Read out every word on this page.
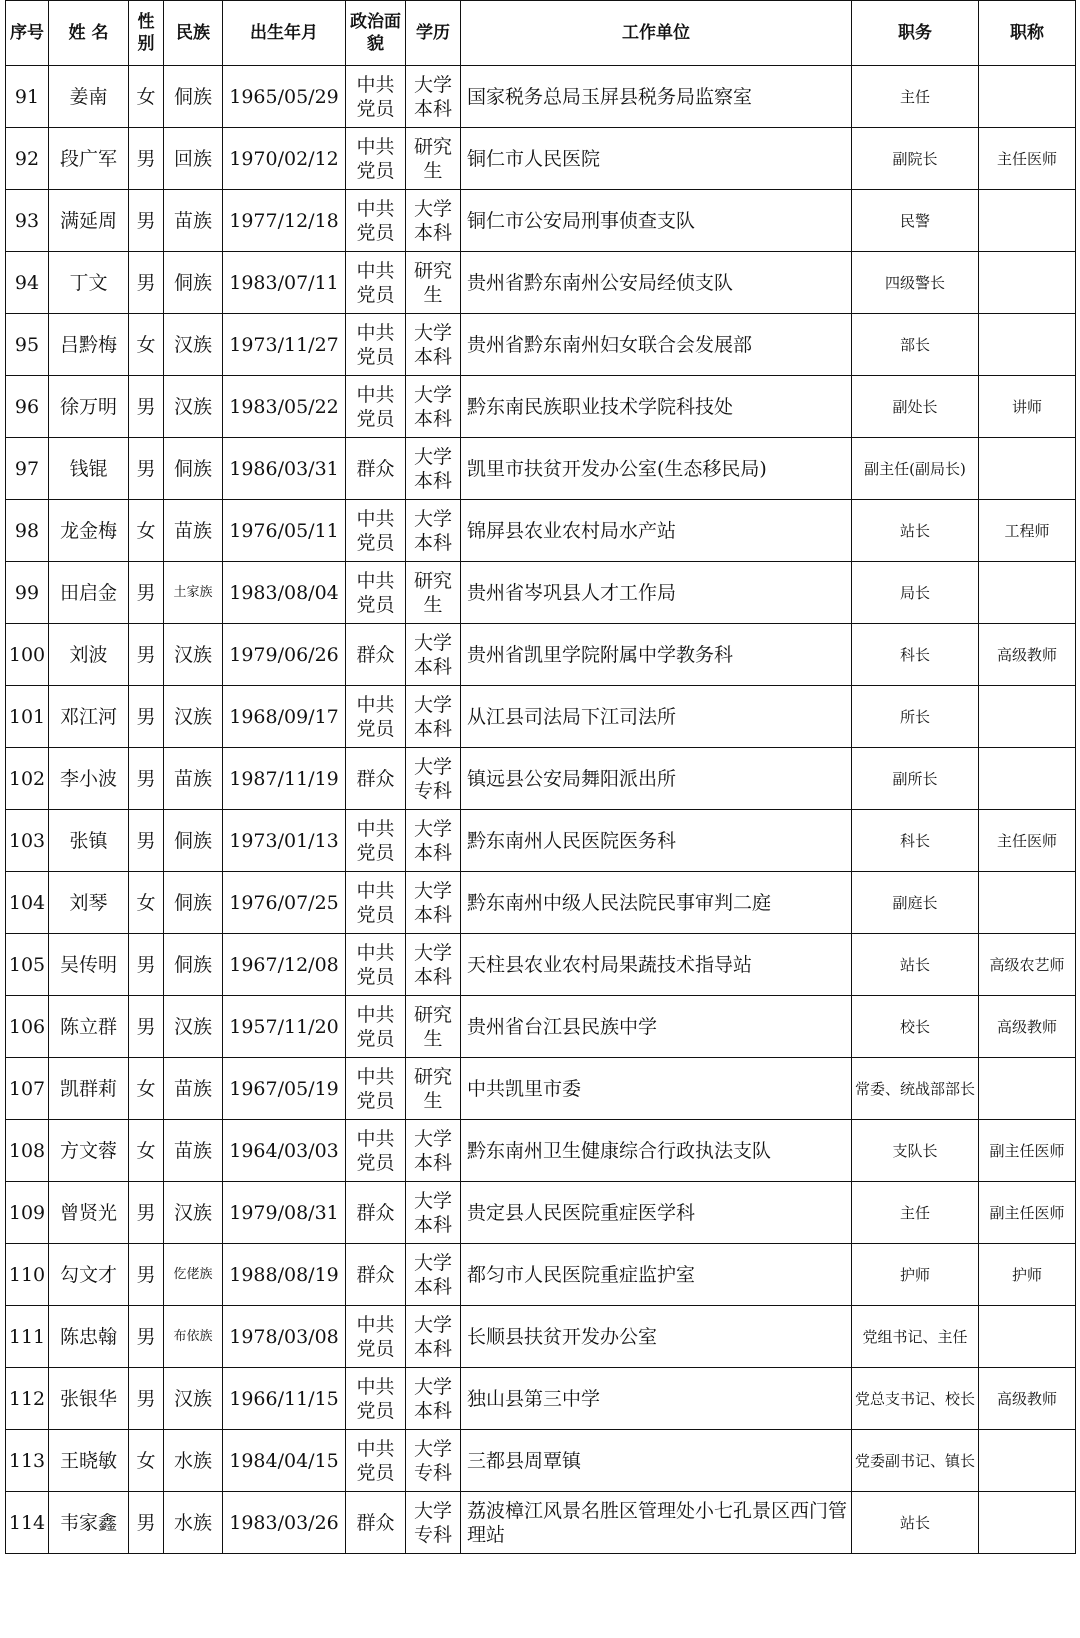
序号	姓 名	性别	民族	出生年月	政治面貌	学历	工作单位	职务	职称
91	姜南	女	侗族	1965/05/29	中共党员	大学本科	国家税务总局玉屏县税务局监察室	主任	
92	段广军	男	回族	1970/02/12	中共党员	研究生	铜仁市人民医院	副院长	主任医师
93	满延周	男	苗族	1977/12/18	中共党员	大学本科	铜仁市公安局刑事侦查支队	民警	
94	丁文	男	侗族	1983/07/11	中共党员	研究生	贵州省黔东南州公安局经侦支队	四级警长	
95	吕黔梅	女	汉族	1973/11/27	中共党员	大学本科	贵州省黔东南州妇女联合会发展部	部长	
96	徐万明	男	汉族	1983/05/22	中共党员	大学本科	黔东南民族职业技术学院科技处	副处长	讲师
97	钱锟	男	侗族	1986/03/31	群众	大学本科	凯里市扶贫开发办公室(生态移民局)	副主任(副局长)	
98	龙金梅	女	苗族	1976/05/11	中共党员	大学本科	锦屏县农业农村局水产站	站长	工程师
99	田启金	男	土家族	1983/08/04	中共党员	研究生	贵州省岑巩县人才工作局	局长	
100	刘波	男	汉族	1979/06/26	群众	大学本科	贵州省凯里学院附属中学教务科	科长	高级教师
101	邓江河	男	汉族	1968/09/17	中共党员	大学本科	从江县司法局下江司法所	所长	
102	李小波	男	苗族	1987/11/19	群众	大学专科	镇远县公安局舞阳派出所	副所长	
103	张镇	男	侗族	1973/01/13	中共党员	大学本科	黔东南州人民医院医务科	科长	主任医师
104	刘琴	女	侗族	1976/07/25	中共党员	大学本科	黔东南州中级人民法院民事审判二庭	副庭长	
105	吴传明	男	侗族	1967/12/08	中共党员	大学本科	天柱县农业农村局果蔬技术指导站	站长	高级农艺师
106	陈立群	男	汉族	1957/11/20	中共党员	研究生	贵州省台江县民族中学	校长	高级教师
107	凯群莉	女	苗族	1967/05/19	中共党员	研究生	中共凯里市委	常委、统战部部长	
108	方文蓉	女	苗族	1964/03/03	中共党员	大学本科	黔东南州卫生健康综合行政执法支队	支队长	副主任医师
109	曾贤光	男	汉族	1979/08/31	群众	大学本科	贵定县人民医院重症医学科	主任	副主任医师
110	勾文才	男	仡佬族	1988/08/19	群众	大学本科	都匀市人民医院重症监护室	护师	护师
111	陈忠翰	男	布依族	1978/03/08	中共党员	大学本科	长顺县扶贫开发办公室	党组书记、主任	
112	张银华	男	汉族	1966/11/15	中共党员	大学本科	独山县第三中学	党总支书记、校长	高级教师
113	王晓敏	女	水族	1984/04/15	中共党员	大学专科	三都县周覃镇	党委副书记、镇长	
114	韦家鑫	男	水族	1983/03/26	群众	大学专科	荔波樟江风景名胜区管理处小七孔景区西门管理站	站长	
